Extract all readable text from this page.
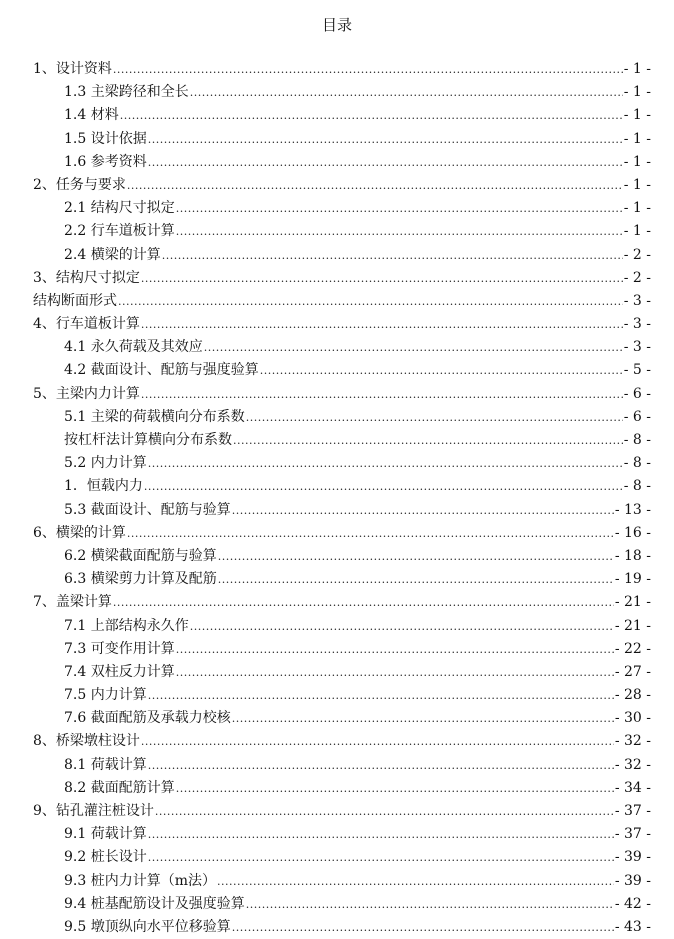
目录
1、设计资料 .....	- 1 -
1.3 主梁跨径和全长 .....	- 1 -
1.4 材料 .....	- 1 -
1.5 设计依据 .....	- 1 -
1.6 参考资料 .....	- 1 -
2、任务与要求 .....	- 1 -
2.1 结构尺寸拟定 .....	- 1 -
2.2 行车道板计算 .....	- 1 -
2.4 横梁的计算 .....	- 2 -
3、结构尺寸拟定 .....	- 2 -
结构断面形式 .....	- 3 -
4、行车道板计算 .....	- 3 -
4.1 永久荷载及其效应 .....	- 3 -
4.2 截面设计、配筋与强度验算 .....	- 5 -
5、主梁内力计算 .....	- 6 -
5.1 主梁的荷载横向分布系数 .....	- 6 -
按杠杆法计算横向分布系数 .....	- 8 -
5.2 内力计算 .....	- 8 -
1．恒载内力 .....	- 8 -
5.3 截面设计、配筋与验算 .....	- 13 -
6、横梁的计算 .....	- 16 -
6.2 横梁截面配筋与验算 .....	- 18 -
6.3 横梁剪力计算及配筋 .....	- 19 -
7、盖梁计算 .....	- 21 -
7.1 上部结构永久作 .....	- 21 -
7.3 可变作用计算 .....	- 22 -
7.4 双柱反力计算 .....	- 27 -
7.5 内力计算 .....	- 28 -
7.6 截面配筋及承载力校核 .....	- 30 -
8、桥梁墩柱设计 .....	- 32 -
8.1 荷载计算 .....	- 32 -
8.2 截面配筋计算 .....	- 34 -
9、钻孔灌注桩设计 .....	- 37 -
9.1 荷载计算 .....	- 37 -
9.2 桩长设计 .....	- 39 -
9.3 桩内力计算（m法） .....	- 39 -
9.4 桩基配筋设计及强度验算 .....	- 42 -
9.5 墩顶纵向水平位移验算 .....	- 43 -
